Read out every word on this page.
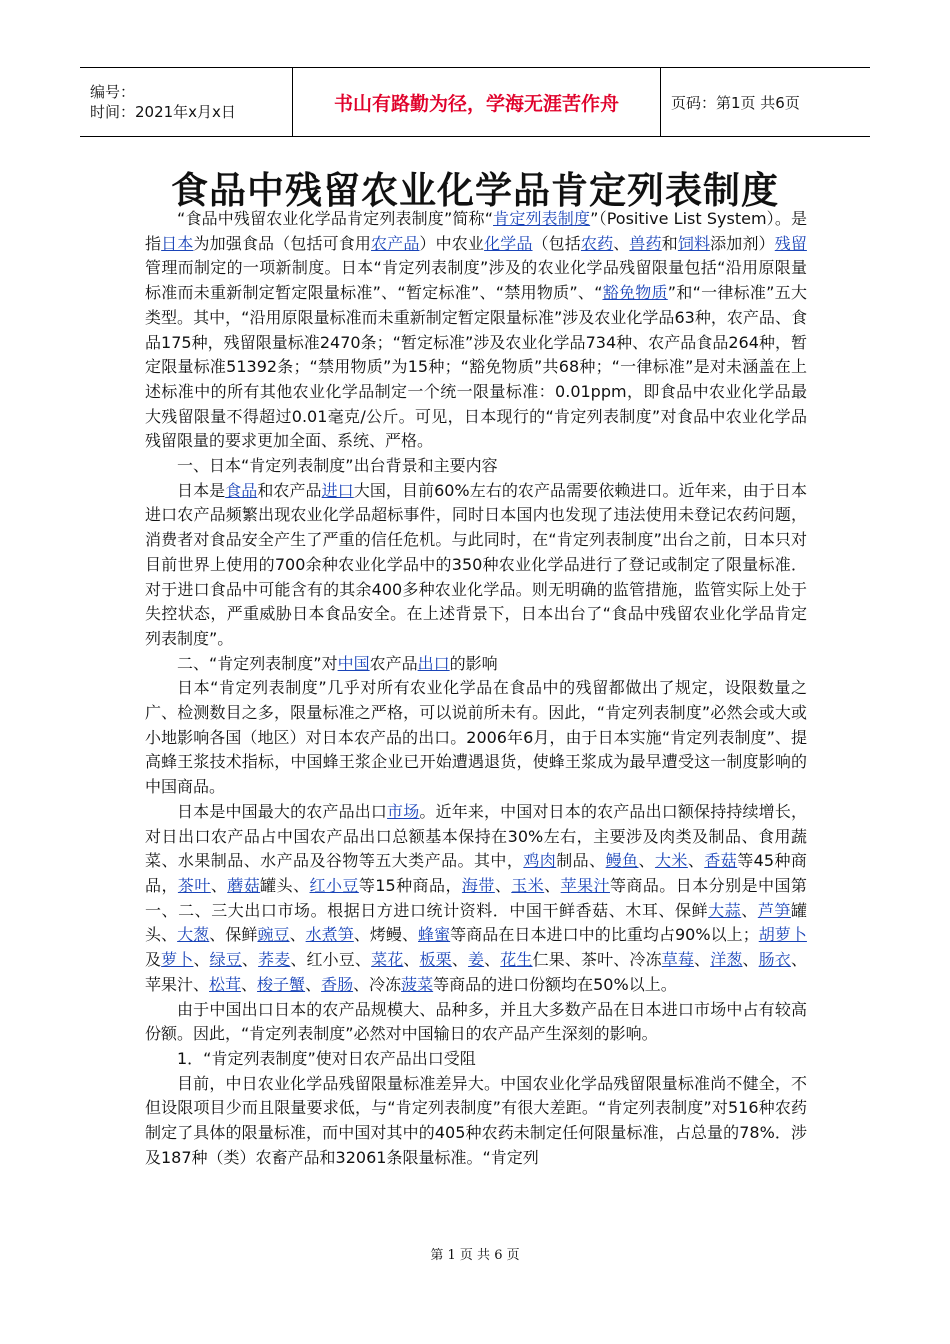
编号：
时间：2021年x月x日	书山有路勤为径，学海无涯苦作舟	页码：第1页 共6页
食品中残留农业化学品肯定列表制度

“食品中残留农业化学品肯定列表制度”简称“肯定列表制度”（Positive List System）。是指日本为加强食品（包括可食用农产品）中农业化学品（包括农药、兽药和饲料添加剂）残留管理而制定的一项新制度。日本“肯定列表制度”涉及的农业化学品残留限量包括“沿用原限量标准而未重新制定暂定限量标准”、“暂定标准”、“禁用物质”、“豁免物质”和“一律标准”五大类型。其中，“沿用原限量标准而未重新制定暂定限量标准”涉及农业化学品63种，农产品、食品175种，残留限量标准2470条；“暂定标准”涉及农业化学品734种、农产品食品264种，暂定限量标准51392条；“禁用物质”为15种；“豁免物质”共68种；“一律标准”是对未涵盖在上述标准中的所有其他农业化学品制定一个统一限量标准：0.01ppm，即食品中农业化学品最大残留限量不得超过0.01毫克/公斤。可见，日本现行的“肯定列表制度”对食品中农业化学品残留限量的要求更加全面、系统、严格。

一、日本“肯定列表制度”出台背景和主要内容

日本是食品和农产品进口大国，目前60%左右的农产品需要依赖进口。近年来，由于日本进口农产品频繁出现农业化学品超标事件，同时日本国内也发现了违法使用未登记农药问题，消费者对食品安全产生了严重的信任危机。与此同时，在“肯定列表制度”出台之前，日本只对目前世界上使用的700余种农业化学品中的350种农业化学品进行了登记或制定了限量标准．对于进口食品中可能含有的其余400多种农业化学品。则无明确的监管措施，监管实际上处于失控状态，严重威胁日本食品安全。在上述背景下，日本出台了“食品中残留农业化学品肯定列表制度”。

二、“肯定列表制度”对中国农产品出口的影响

日本“肯定列表制度”几乎对所有农业化学品在食品中的残留都做出了规定，设限数量之广、检测数目之多，限量标准之严格，可以说前所未有。因此，“肯定列表制度”必然会或大或小地影响各国（地区）对日本农产品的出口。2006年6月，由于日本实施“肯定列表制度”、提高蜂王浆技术指标，中国蜂王浆企业已开始遭遇退货，使蜂王浆成为最早遭受这一制度影响的中国商品。

日本是中国最大的农产品出口市场。近年来，中国对日本的农产品出口额保持持续增长，对日出口农产品占中国农产品出口总额基本保持在30%左右，主要涉及肉类及制品、食用蔬菜、水果制品、水产品及谷物等五大类产品。其中，鸡肉制品、鳗鱼、大米、香菇等45种商品，茶叶、蘑菇罐头、红小豆等15种商品，海带、玉米、苹果汁等商品。日本分别是中国第一、二、三大出口市场。根据日方进口统计资料．中国干鲜香菇、木耳、保鲜大蒜、芦笋罐头、大葱、保鲜豌豆、水煮笋、烤鳗、蜂蜜等商品在日本进口中的比重均占90%以上；胡萝卜及萝卜、绿豆、荞麦、红小豆、菜花、板栗、姜、花生仁果、茶叶、冷冻草莓、洋葱、肠衣、苹果汁、松茸、梭子蟹、香肠、冷冻菠菜等商品的进口份额均在50%以上。

由于中国出口日本的农产品规模大、品种多，并且大多数产品在日本进口市场中占有较高份额。因此，“肯定列表制度”必然对中国输日的农产品产生深刻的影响。

1．“肯定列表制度”使对日农产品出口受阻

目前，中日农业化学品残留限量标准差异大。中国农业化学品残留限量标准尚不健全，不但设限项目少而且限量要求低，与“肯定列表制度”有很大差距。“肯定列表制度”对516种农药制定了具体的限量标准，而中国对其中的405种农药未制定任何限量标准，占总量的78%．涉及187种（类）农畜产品和32061条限量标准。“肯定列

第 1 页 共 6 页
